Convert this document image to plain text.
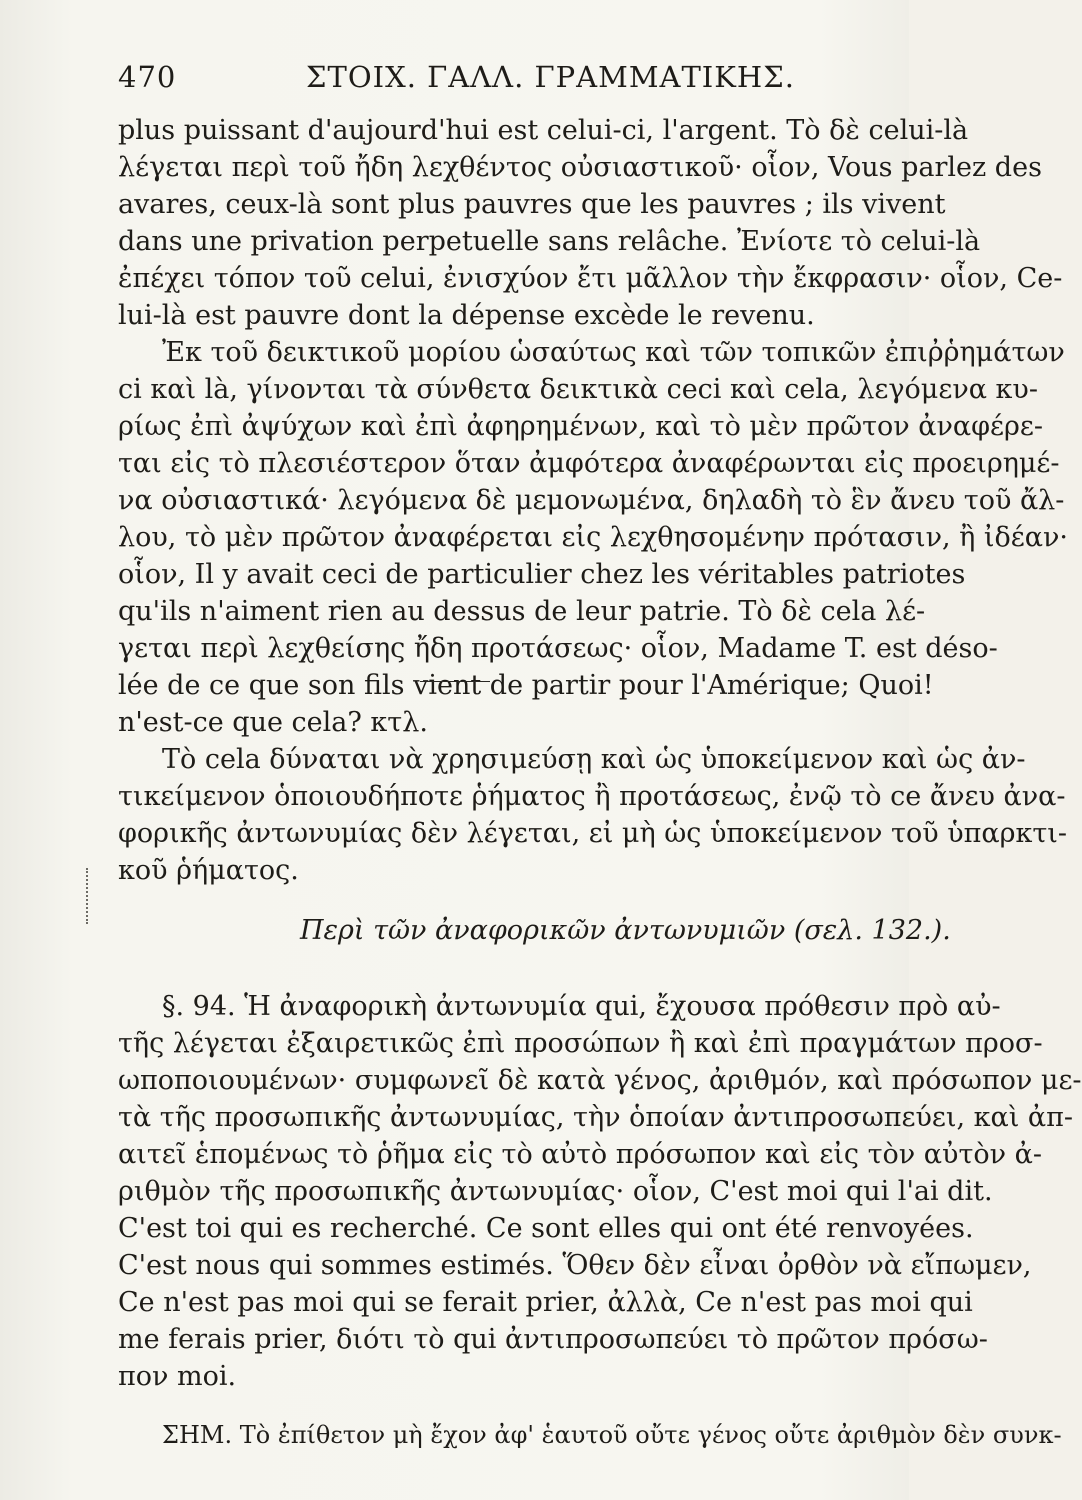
470	ΣΤΟΙΧ. ΓΑΛΛ. ΓΡΑΜΜΑΤΙΚΗΣ.
plus puissant d'aujourd'hui est celui-ci, l'argent. Τὸ δὲ celui-là
λέγεται περὶ τοῦ ἤδη λεχθέντος οὐσιαστικοῦ· οἷον, Vous parlez des
avares, ceux-là sont plus pauvres que les pauvres ; ils vivent
dans une privation perpetuelle sans relâche. Ἐνίοτε τὸ celui-là
ἐπέχει τόπον τοῦ celui, ἐνισχύον ἔτι μᾶλλον τὴν ἔκφρασιν· οἷον, Ce-
lui-là est pauvre dont la dépense excède le revenu.
Ἐκ τοῦ δεικτικοῦ μορίου ὡσαύτως καὶ τῶν τοπικῶν ἐπιῤῥημάτων
ci καὶ là, γίνονται τὰ σύνθετα δεικτικὰ ceci καὶ cela, λεγόμενα κυ-
ρίως ἐπὶ ἀψύχων καὶ ἐπὶ ἀφηρημένων, καὶ τὸ μὲν πρῶτον ἀναφέρε-
ται εἰς τὸ πλεσιέστερον ὅταν ἀμφότερα ἀναφέρωνται εἰς προειρημέ-
να οὐσιαστικά· λεγόμενα δὲ μεμονωμένα, δηλαδὴ τὸ ἓν ἄνευ τοῦ ἄλ-
λου, τὸ μὲν πρῶτον ἀναφέρεται εἰς λεχθησομένην πρότασιν, ἢ ἰδέαν·
οἷον, Il y avait ceci de particulier chez les véritables patriotes
qu'ils n'aiment rien au dessus de leur patrie. Τὸ δὲ cela λέ-
γεται περὶ λεχθείσης ἤδη προτάσεως· οἷον, Madame T. est déso-
lée de ce que son fils vient de partir pour l'Amérique; Quoi!
n'est-ce que cela? κτλ.
Τὸ cela δύναται νὰ χρησιμεύσῃ καὶ ὡς ὑποκείμενον καὶ ὡς ἀν-
τικείμενον ὁποιουδήποτε ῥήματος ἢ προτάσεως, ἐνῷ τὸ ce ἄνευ ἀνα-
φορικῆς ἀντωνυμίας δὲν λέγεται, εἰ μὴ ὡς ὑποκείμενον τοῦ ὑπαρκτι-
κοῦ ῥήματος.
Περὶ τῶν ἀναφορικῶν ἀντωνυμιῶν (σελ. 132.).
§. 94. Ἡ ἀναφορικὴ ἀντωνυμία qui, ἔχουσα πρόθεσιν πρὸ αὐ-
τῆς λέγεται ἐξαιρετικῶς ἐπὶ προσώπων ἢ καὶ ἐπὶ πραγμάτων προσ-
ωποποιουμένων· συμφωνεῖ δὲ κατὰ γένος, ἀριθμόν, καὶ πρόσωπον με-
τὰ τῆς προσωπικῆς ἀντωνυμίας, τὴν ὁποίαν ἀντιπροσωπεύει, καὶ ἀπ-
αιτεῖ ἑπομένως τὸ ῥῆμα εἰς τὸ αὐτὸ πρόσωπον καὶ εἰς τὸν αὐτὸν ἀ-
ριθμὸν τῆς προσωπικῆς ἀντωνυμίας· οἷον, C'est moi qui l'ai dit.
C'est toi qui es recherché. Ce sont elles qui ont été renvoyées.
C'est nous qui sommes estimés. Ὅθεν δὲν εἶναι ὀρθὸν νὰ εἴπωμεν,
Ce n'est pas moi qui se ferait prier, ἀλλὰ, Ce n'est pas moi qui
me ferais prier, διότι τὸ qui ἀντιπροσωπεύει τὸ πρῶτον πρόσω-
πον moi.
ΣΗΜ. Τὸ ἐπίθετον μὴ ἔχον ἀφ' ἑαυτοῦ οὔτε γένος οὔτε ἀριθμὸν δὲν συνκ-
